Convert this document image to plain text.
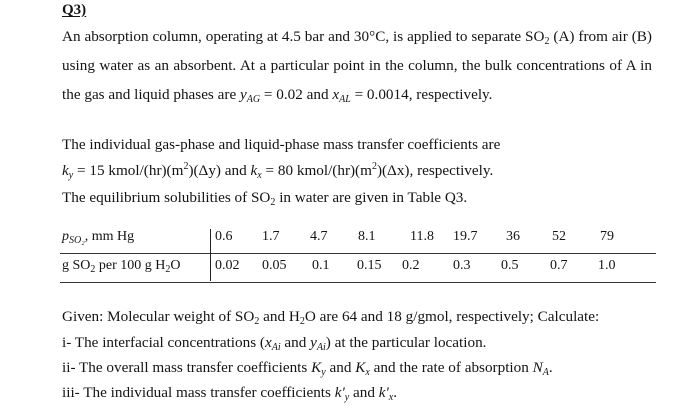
Q3)
An absorption column, operating at 4.5 bar and 30°C, is applied to separate $SO_2$ (A) from air (B) using water as an absorbent. At a particular point in the column, the bulk concentrations of A in the gas and liquid phases are $y_{AG} = 0.02$ and $x_{AL} = 0.0014$, respectively.
The individual gas-phase and liquid-phase mass transfer coefficients are
$k_y = 15$ kmol/$(hr)(m^2)(\Delta y)$ and $k_x = 80$ kmol/$(hr)(m^2)(\Delta x)$, respectively.
The equilibrium solubilities of $SO_2$ in water are given in Table Q3.
$p_{SO_2}$, mm Hg
g $SO_2$ per 100 g $H_2O$
0.6 1.7 4.7 8.1 11.8 19.7 36 52 79
0.02 0.05 0.1 0.15 0.2 0.3 0.5 0.7 1.0
Given: Molecular weight of $SO_2$ and $H_2O$ are 64 and 18 g/gmol, respectively; Calculate:
i- The interfacial concentrations ($x_{Ai}$ and $y_{Ai}$) at the particular location.
ii- The overall mass transfer coefficients $K_y$ and $K_x$ and the rate of absorption $N_A$.
iii- The individual mass transfer coefficients $k'_y$ and $k'_x$.
